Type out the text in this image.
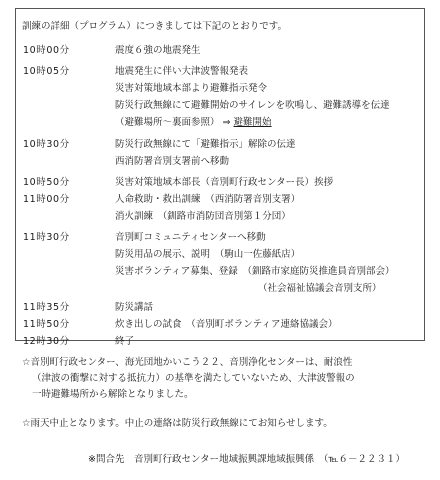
訓練の詳細（プログラム）につきましては下記のとおりです。
10時00分	震度６強の地震発生
10時05分	地震発生に伴い大津波警報発表
災害対策地域本部より避難指示発令
防災行政無線にて避難開始のサイレンを吹鳴し、避難誘導を伝達
（避難場所～裏面参照） ⇒ 避難開始
10時30分	防災行政無線にて「避難指示」解除の伝達
西消防署音別支署前へ移動
10時50分	災害対策地域本部長（音別町行政センター長）挨拶
11時00分	人命救助・救出訓練　（西消防署音別支署）
消火訓練　（釧路市消防団音別第１分団）
11時30分	音別町コミュニティセンターへ移動
防災用品の展示、説明　（駒山一佐藤紙店）
災害ボランティア募集、登録　（釧路市家庭防災推進員音別部会）
（社会福祉協議会音別支所）
11時35分	防災講話
11時50分	炊き出しの試食　（音別町ボランティア連絡協議会）
12時30分	終了
☆音別町行政センター、海光団地かいこう２２、音別浄化センターは、耐浪性
（津波の衝撃に対する抵抗力）の基準を満たしていないため、大津波警報の
一時避難場所から解除となりました。
☆雨天中止となります。中止の連絡は防災行政無線にてお知らせします。
※問合先　音別町行政センター地域振興課地域振興係　（℡６－２２３１）
